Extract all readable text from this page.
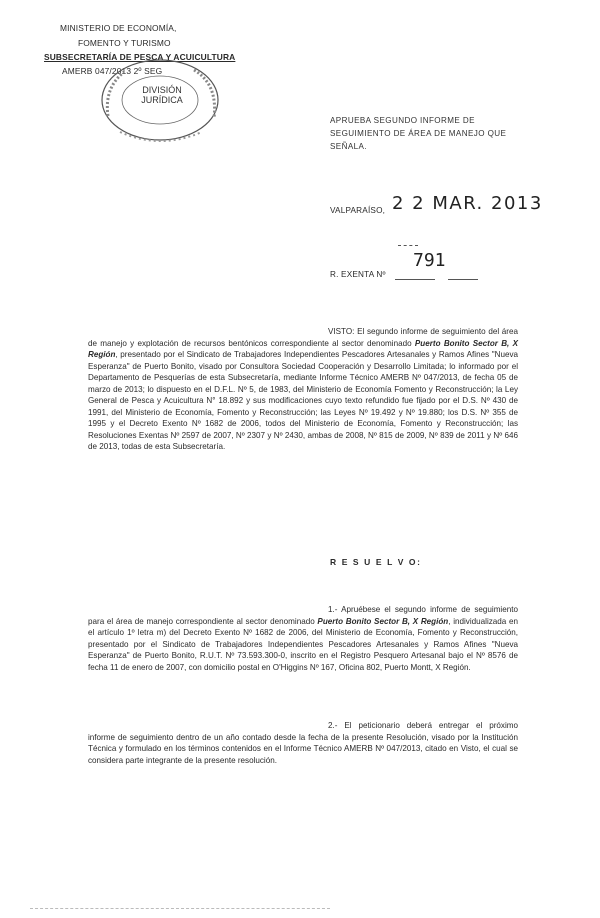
MINISTERIO DE ECONOMÍA,
FOMENTO Y TURISMO
SUBSECRETARÍA DE PESCA Y ACUICULTURA
AMERB 047/2013 2º SEG
DIVISIÓN
JURÍDICA
APRUEBA SEGUNDO INFORME DE
SEGUIMIENTO DE ÁREA DE MANEJO QUE
SEÑALA.
VALPARAÍSO, 2 2 MAR. 2013
R. EXENTA Nº
791
VISTO: El segundo informe de seguimiento del área de manejo y explotación de recursos bentónicos correspondiente al sector denominado Puerto Bonito Sector B, X Región, presentado por el Sindicato de Trabajadores Independientes Pescadores Artesanales y Ramos Afines "Nueva Esperanza" de Puerto Bonito, visado por Consultora Sociedad Cooperación y Desarrollo Limitada; lo informado por el Departamento de Pesquerías de esta Subsecretaría, mediante Informe Técnico AMERB Nº 047/2013, de fecha 05 de marzo de 2013; lo dispuesto en el D.F.L. Nº 5, de 1983, del Ministerio de Economía Fomento y Reconstrucción; la Ley General de Pesca y Acuicultura N° 18.892 y sus modificaciones cuyo texto refundido fue fijado por el D.S. Nº 430 de 1991, del Ministerio de Economía, Fomento y Reconstrucción; las Leyes Nº 19.492 y Nº 19.880; los D.S. Nº 355 de 1995 y el Decreto Exento Nº 1682 de 2006, todos del Ministerio de Economía, Fomento y Reconstrucción; las Resoluciones Exentas Nº 2597 de 2007, Nº 2307 y Nº 2430, ambas de 2008, Nº 815 de 2009, Nº 839 de 2011 y Nº 646 de 2013, todas de esta Subsecretaría.
R E S U E L V O:
1.- Apruébese el segundo informe de seguimiento para el área de manejo correspondiente al sector denominado Puerto Bonito Sector B, X Región, individualizada en el artículo 1º letra m) del Decreto Exento Nº 1682 de 2006, del Ministerio de Economía, Fomento y Reconstrucción, presentado por el Sindicato de Trabajadores Independientes Pescadores Artesanales y Ramos Afines "Nueva Esperanza" de Puerto Bonito, R.U.T. Nº 73.593.300-0, inscrito en el Registro Pesquero Artesanal bajo el Nº 8576 de fecha 11 de enero de 2007, con domicilio postal en O'Higgins Nº 167, Oficina 802, Puerto Montt, X Región.
2.- El peticionario deberá entregar el próximo informe de seguimiento dentro de un año contado desde la fecha de la presente Resolución, visado por la Institución Técnica y formulado en los términos contenidos en el Informe Técnico AMERB Nº 047/2013, citado en Visto, el cual se considera parte integrante de la presente resolución.
